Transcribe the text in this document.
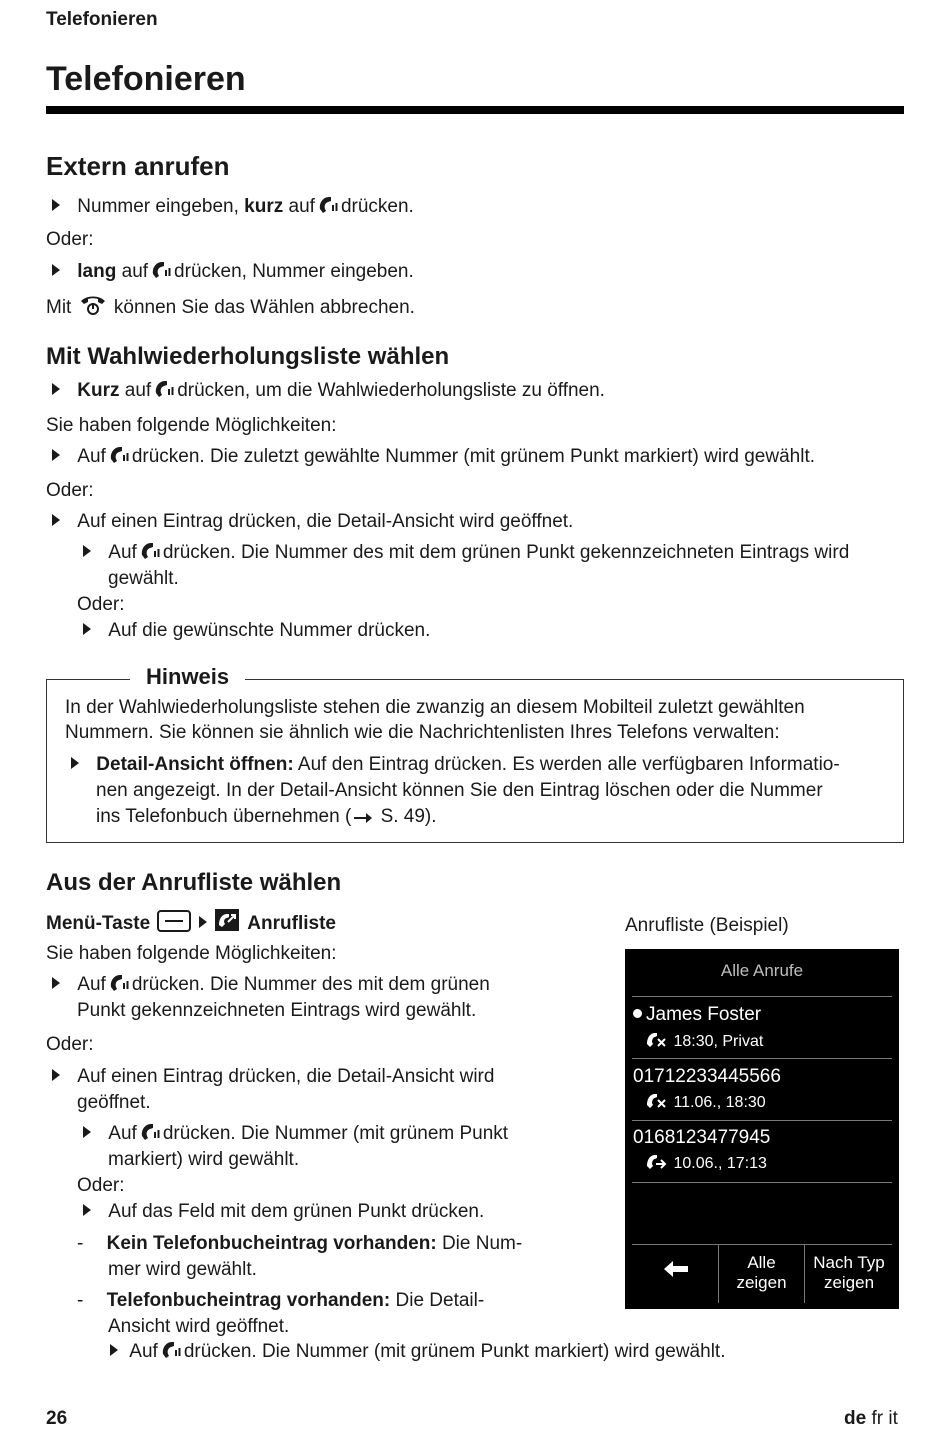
Telefonieren
Telefonieren
Extern anrufen
Nummer eingeben, kurz auf drücken.
Oder:
lang auf drücken, Nummer eingeben.
Mit können Sie das Wählen abbrechen.
Mit Wahlwiederholungsliste wählen
Kurz auf drücken, um die Wahlwiederholungsliste zu öffnen.
Sie haben folgende Möglichkeiten:
Auf drücken. Die zuletzt gewählte Nummer (mit grünem Punkt markiert) wird gewählt.
Oder:
Auf einen Eintrag drücken, die Detail-Ansicht wird geöffnet.
Auf drücken. Die Nummer des mit dem grünen Punkt gekennzeichneten Eintrags wird
gewählt.
Oder:
Auf die gewünschte Nummer drücken.
Hinweis
In der Wahlwiederholungsliste stehen die zwanzig an diesem Mobilteil zuletzt gewählten
Nummern. Sie können sie ähnlich wie die Nachrichtenlisten Ihres Telefons verwalten:
Detail-Ansicht öffnen: Auf den Eintrag drücken. Es werden alle verfügbaren Informatio-
nen angezeigt. In der Detail-Ansicht können Sie den Eintrag löschen oder die Nummer
ins Telefonbuch übernehmen ( S. 49).
Aus der Anrufliste wählen
Menü-Taste	Anrufliste
Sie haben folgende Möglichkeiten:
Auf drücken. Die Nummer des mit dem grünen
Punkt gekennzeichneten Eintrags wird gewählt.
Oder:
Auf einen Eintrag drücken, die Detail-Ansicht wird
geöffnet.
Auf drücken. Die Nummer (mit grünem Punkt
markiert) wird gewählt.
Oder:
Auf das Feld mit dem grünen Punkt drücken.
- Kein Telefonbucheintrag vorhanden: Die Num-
mer wird gewählt.
- Telefonbucheintrag vorhanden: Die Detail-
Ansicht wird geöffnet.
Auf drücken. Die Nummer (mit grünem Punkt markiert) wird gewählt.
Anrufliste (Beispiel)
Alle Anrufe
James Foster
18:30, Privat
01712233445566
11.06., 18:30
0168123477945
10.06., 17:13
Alle
zeigen
Nach Typ
zeigen
26	de fr it
